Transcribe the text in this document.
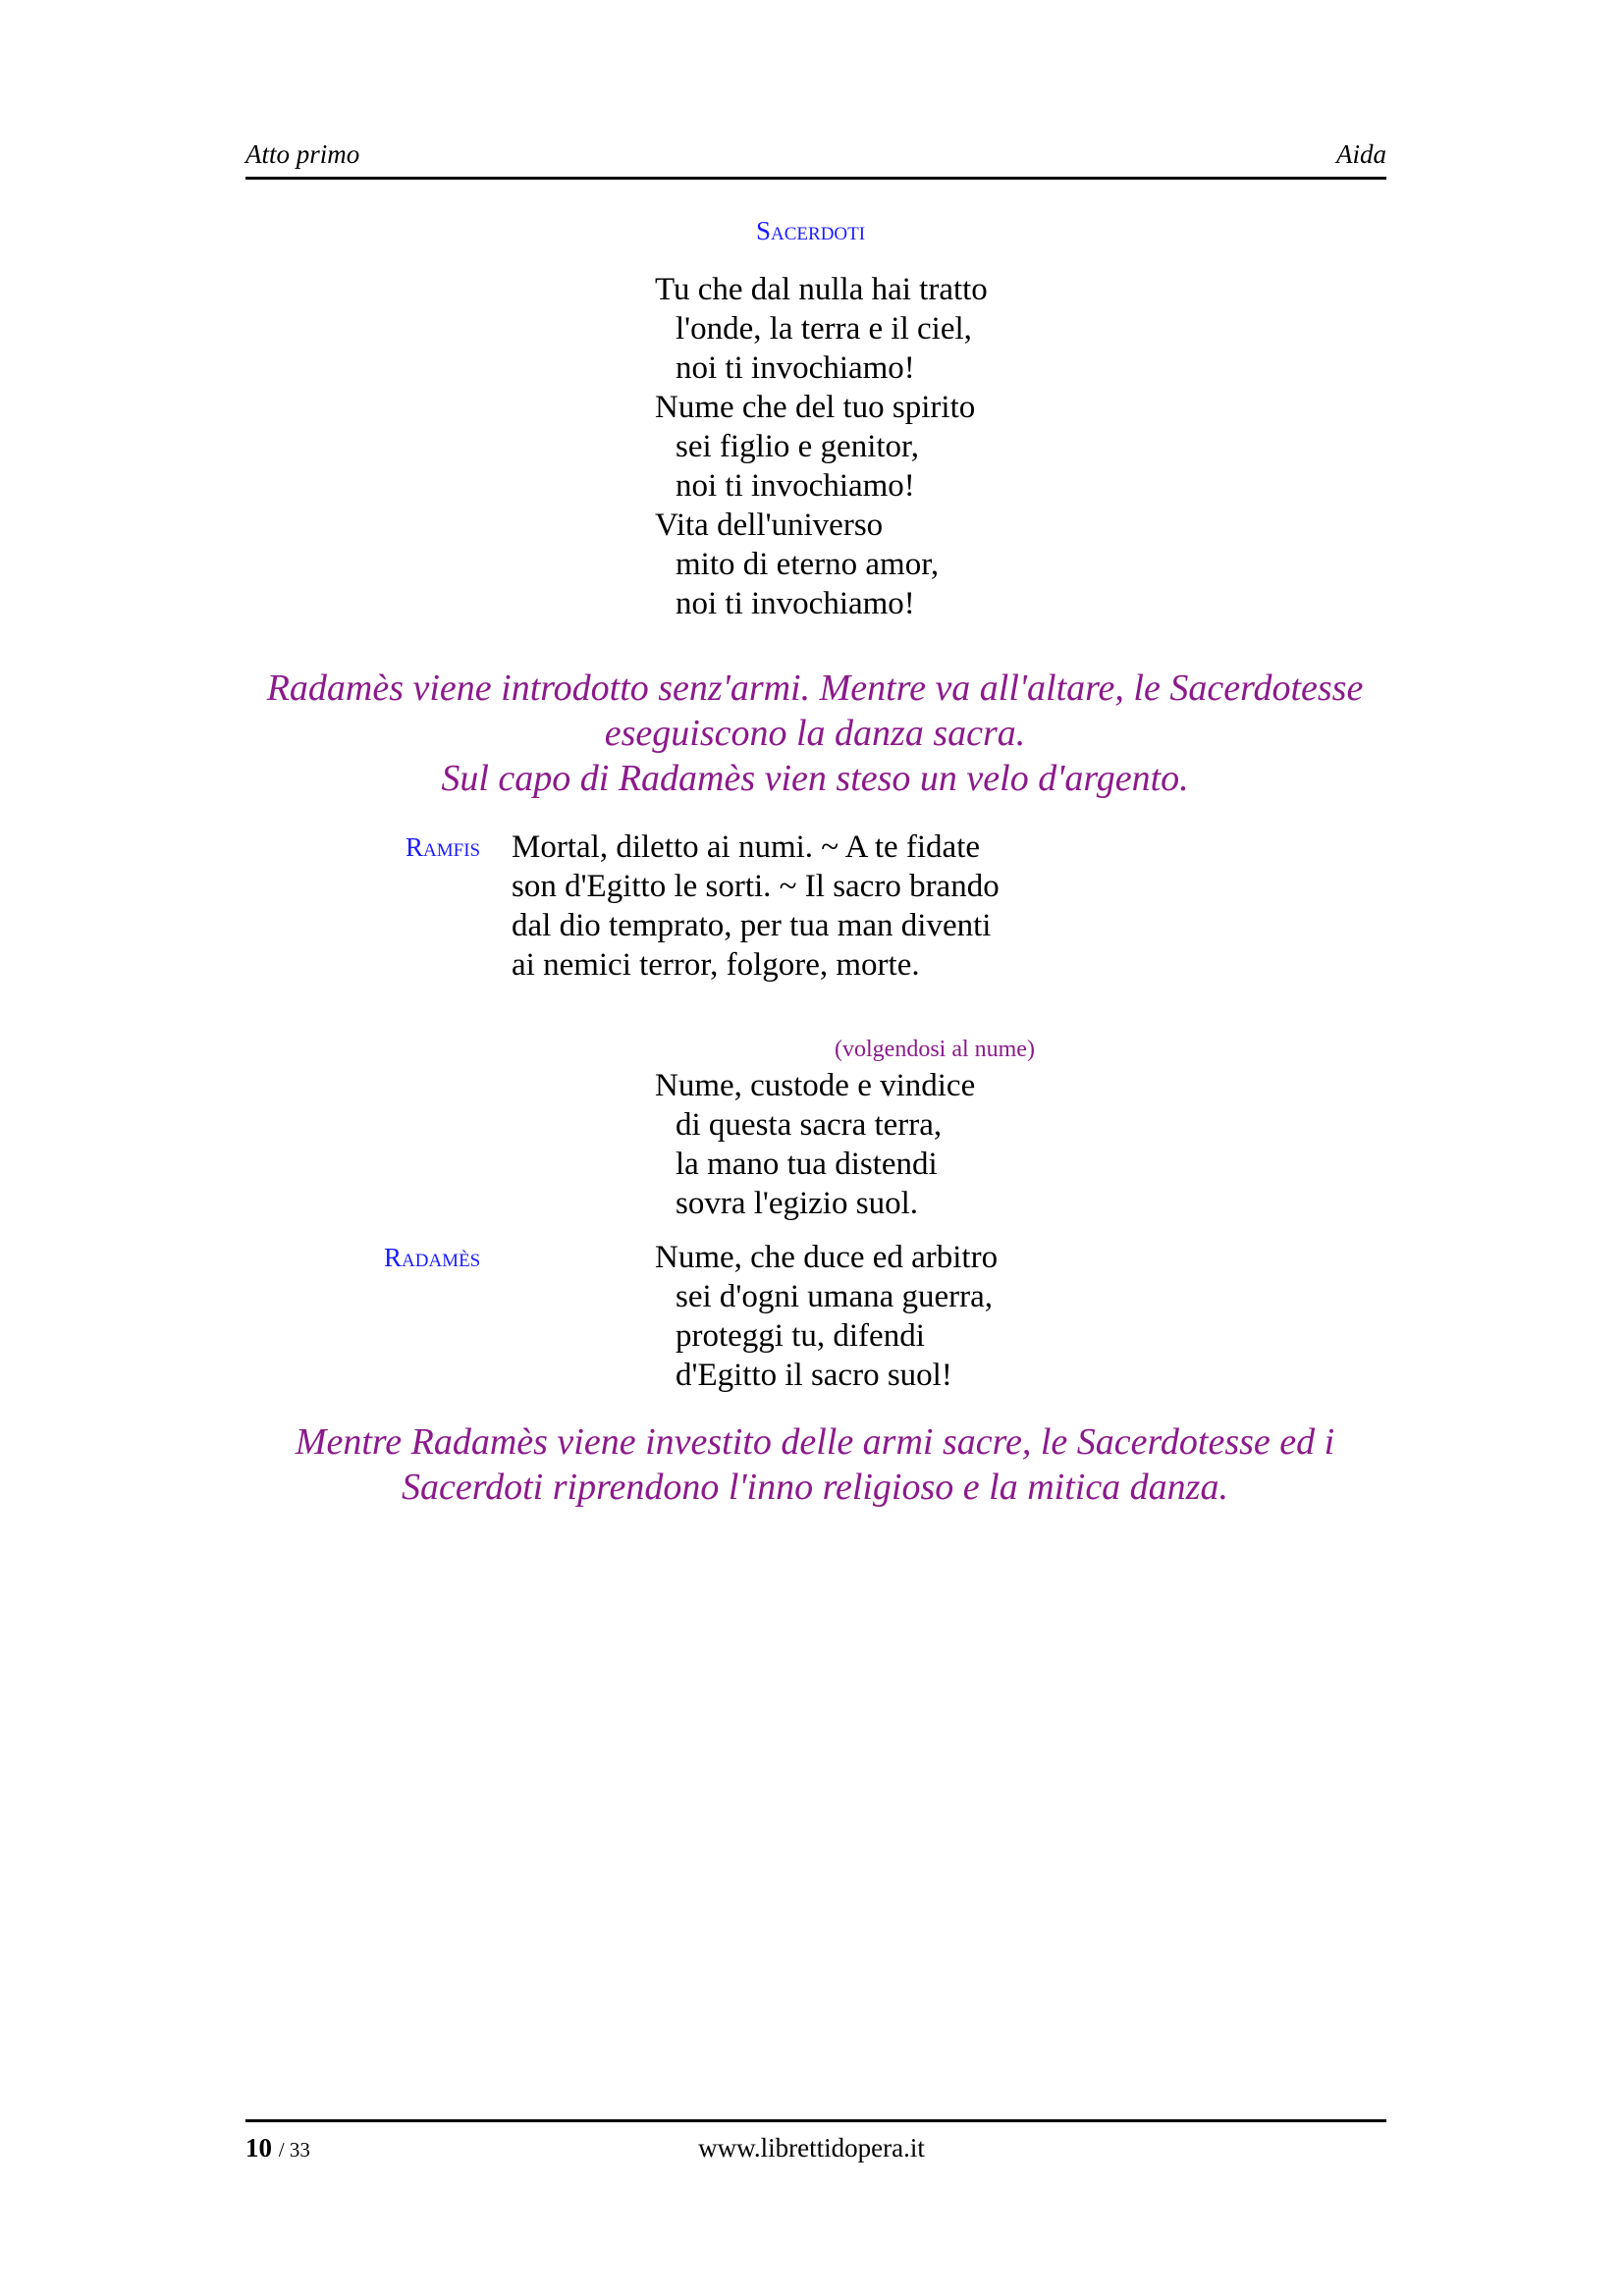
Atto primo	Aida
Sacerdoti
Tu che dal nulla hai tratto
l'onde, la terra e il ciel,
noi ti invochiamo!
Nume che del tuo spirito
sei figlio e genitor,
noi ti invochiamo!
Vita dell'universo
mito di eterno amor,
noi ti invochiamo!
Radamès viene introdotto senz'armi. Mentre va all'altare, le Sacerdotesse
eseguiscono la danza sacra.
Sul capo di Radamès vien steso un velo d'argento.
Ramfis Mortal, diletto ai numi. ~ A te fidate
son d'Egitto le sorti. ~ Il sacro brando
dal dio temprato, per tua man diventi
ai nemici terror, folgore, morte.
(volgendosi al nume)
Nume, custode e vindice
di questa sacra terra,
la mano tua distendi
sovra l'egizio suol.
Radamès	Nume, che duce ed arbitro
sei d'ogni umana guerra,
proteggi tu, difendi
d'Egitto il sacro suol!
Mentre Radamès viene investito delle armi sacre, le Sacerdotesse ed i
Sacerdoti riprendono l'inno religioso e la mitica danza.
10 / 33	www.librettidopera.it
